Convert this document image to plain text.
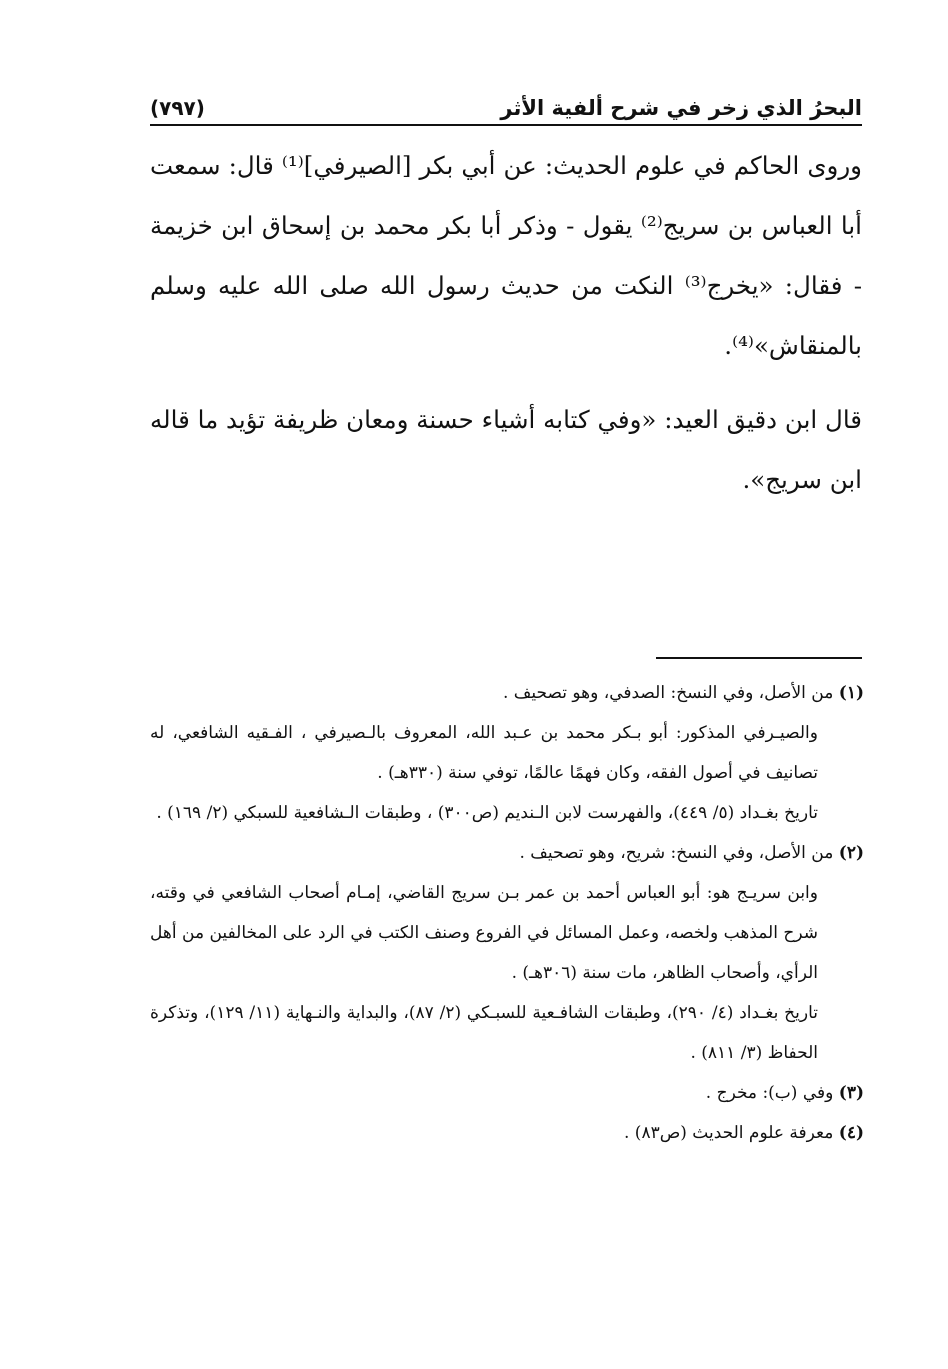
البحرُ الذي زخر في شرح ألفية الأثر
(٧٩٧)

وروى الحاكم في علوم الحديث: عن أبي بكر [الصيرفي]⁽¹⁾ قال: سمعت أبا العباس بن سريج⁽²⁾ يقول - وذكر أبا بكر محمد بن إسحاق ابن خزيمة - فقال: «يخرج⁽³⁾ النكت من حديث رسول الله صلى الله عليه وسلم بالمنقاش»⁽⁴⁾.

قال ابن دقيق العيد: «وفي كتابه أشياء حسنة ومعان ظريفة تؤيد ما قاله ابن سريج».

(١) من الأصل، وفي النسخ: الصدفي، وهو تصحيف .

والصيـرفي المذكور: أبو بـكر محمد بن عـبد الله، المعروف بالـصيرفي ، الفـقيه الشافعي، له تصانيف في أصول الفقه، وكان فهمًا عالمًا، توفي سنة (٣٣٠هـ) .

تاريخ بغـداد (٥/ ٤٤٩)، والفهرست لابن الـنديم (ص٣٠٠) ، وطبقات الـشافعية للسبكي (٢/ ١٦٩) .

(٢) من الأصل، وفي النسخ: شريح، وهو تصحيف .

وابن سريـج هو: أبو العباس أحمد بن عمر بـن سريج القاضي، إمـام أصحاب الشافعي في وقته، شرح المذهب ولخصه، وعمل المسائل في الفروع وصنف الكتب في الرد على المخالفين من أهل الرأي، وأصحاب الظاهر، مات سنة (٣٠٦هـ) .

تاريخ بغـداد (٤/ ٢٩٠)، وطبقات الشافـعية للسبـكي (٢/ ٨٧)، والبداية والنـهاية (١١/ ١٢٩)، وتذكرة الحفاظ (٣/ ٨١١) .

(٣) وفي (ب): مخرج .

(٤) معرفة علوم الحديث (ص٨٣) .
